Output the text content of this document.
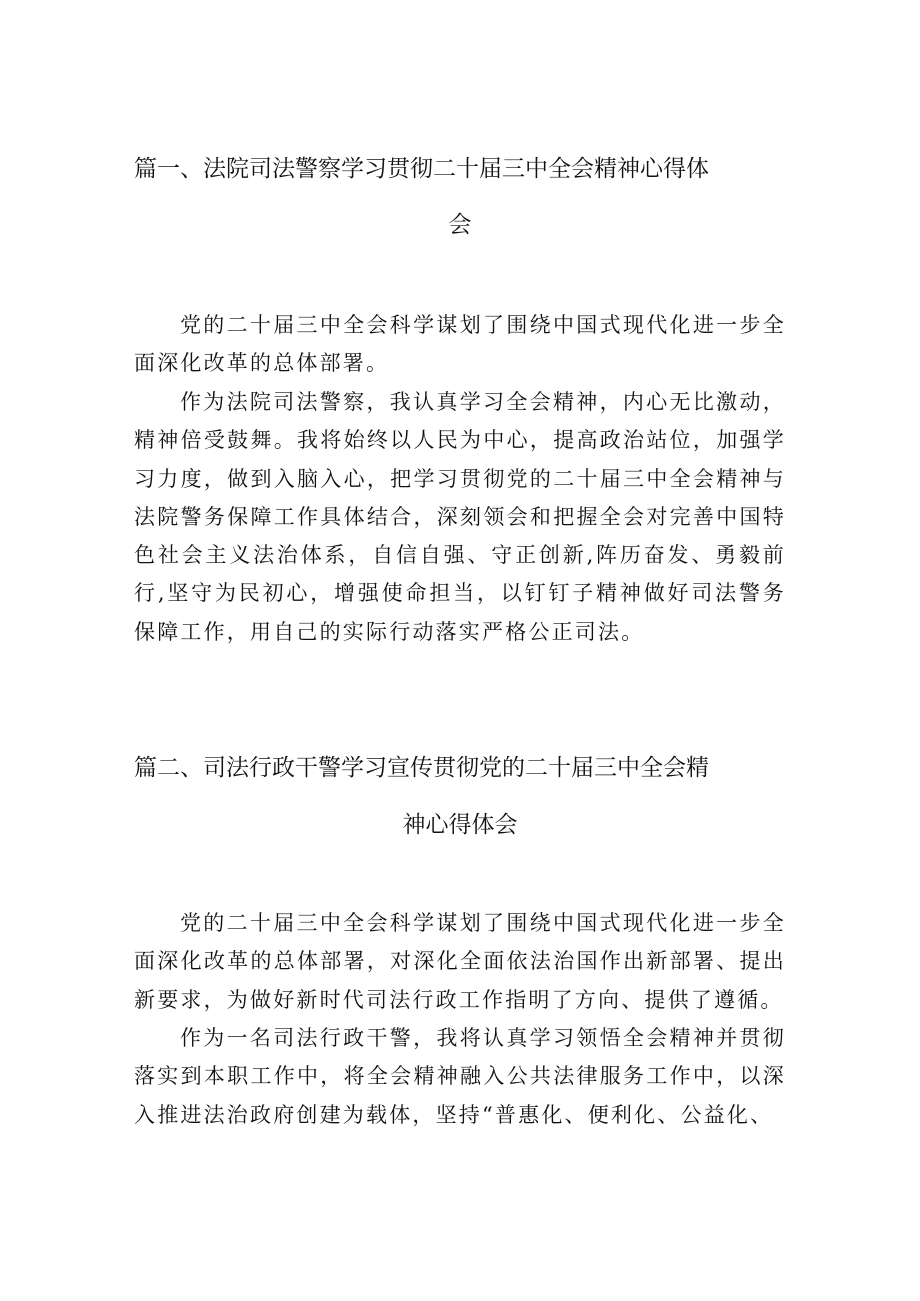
篇一、法院司法警察学习贯彻二十届三中全会精神心得体
会
党的二十届三中全会科学谋划了围绕中国式现代化进一步全面深化改革的总体部署。
作为法院司法警察，我认真学习全会精神，内心无比激动，精神倍受鼓舞。我将始终以人民为中心，提高政治站位，加强学习力度，做到入脑入心，把学习贯彻党的二十届三中全会精神与法院警务保障工作具体结合，深刻领会和把握全会对完善中国特色社会主义法治体系，自信自强、守正创新,阵历奋发、勇毅前行,坚守为民初心，增强使命担当，以钉钉子精神做好司法警务保障工作，用自己的实际行动落实严格公正司法。
篇二、司法行政干警学习宣传贯彻党的二十届三中全会精
神心得体会
党的二十届三中全会科学谋划了围绕中国式现代化进一步全面深化改革的总体部署，对深化全面依法治国作出新部署、提出新要求，为做好新时代司法行政工作指明了方向、提供了遵循。
作为一名司法行政干警，我将认真学习领悟全会精神并贯彻落实到本职工作中，将全会精神融入公共法律服务工作中，以深入推进法治政府创建为载体，坚持“普惠化、便利化、公益化、
